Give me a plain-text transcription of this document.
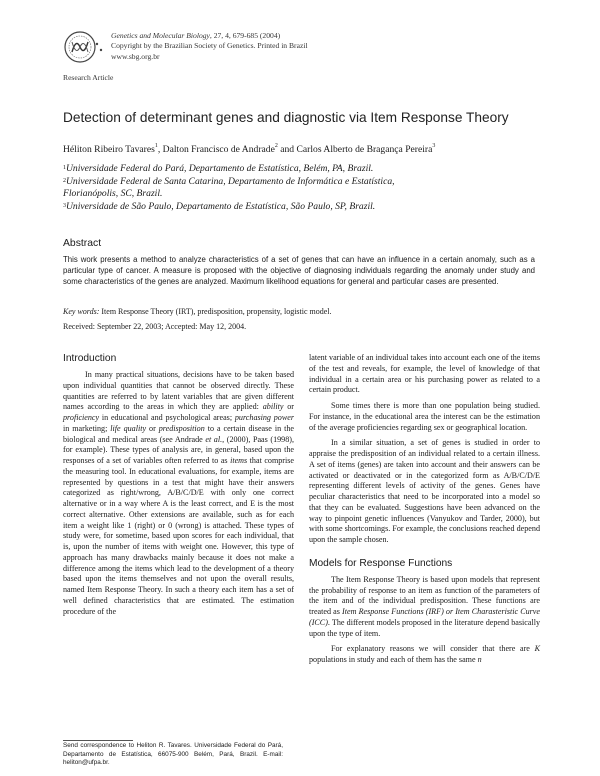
Genetics and Molecular Biology, 27, 4, 679-685 (2004)
Copyright by the Brazilian Society of Genetics. Printed in Brazil
www.sbg.org.br
Research Article
Detection of determinant genes and diagnostic via Item Response Theory
Héliton Ribeiro Tavares$^1$, Dalton Francisco de Andrade$^2$ and Carlos Alberto de Bragança Pereira$^3$
$^1$Universidade Federal do Pará, Departamento de Estatística, Belém, PA, Brazil.
$^2$Universidade Federal de Santa Catarina, Departamento de Informática e Estatística,
Florianópolis, SC, Brazil.
$^3$Universidade de São Paulo, Departamento de Estatística, São Paulo, SP, Brazil.
Abstract
This work presents a method to analyze characteristics of a set of genes that can have an influence in a certain anomaly, such as a particular type of cancer. A measure is proposed with the objective of diagnosing individuals regarding the anomaly under study and some characteristics of the genes are analyzed. Maximum likelihood equations for general and particular cases are presented.
Key words: Item Response Theory (IRT), predisposition, propensity, logistic model.
Received: September 22, 2003; Accepted: May 12, 2004.
Introduction

In many practical situations, decisions have to be taken based upon individual quantities that cannot be observed directly. These quantities are referred to by latent variables that are given different names according to the areas in which they are applied: ability or proficiency in educational and psychological areas; purchasing power in marketing; life quality or predisposition to a certain disease in the biological and medical areas (see Andrade et al., (2000), Paas (1998), for example). These types of analysis are, in general, based upon the responses of a set of variables often referred to as items that comprise the measuring tool. In educational evaluations, for example, items are represented by questions in a test that might have their answers categorized as right/wrong, A/B/C/D/E with only one correct alternative or in a way where A is the least correct, and E is the most correct alternative. Other extensions are available, such as for each item a weight like 1 (right) or 0 (wrong) is attached. These types of study were, for sometime, based upon scores for each individual, that is, upon the number of items with weight one. However, this type of approach has many drawbacks mainly because it does not make a difference among the items which lead to the development of a theory based upon the items themselves and not upon the overall results, named Item Response Theory. In such a theory each item has a set of well defined characteristics that are estimated. The estimation procedure of the

latent variable of an individual takes into account each one of the items of the test and reveals, for example, the level of knowledge of that individual in a certain area or his purchasing power as related to a certain product.

Some times there is more than one population being studied. For instance, in the educational area the interest can be the estimation of the average proficiencies regarding sex or geographical location.

In a similar situation, a set of genes is studied in order to appraise the predisposition of an individual related to a certain illness. A set of items (genes) are taken into account and their answers can be activated or deactivated or in the categorized form as A/B/C/D/E representing different levels of activity of the genes. Genes have peculiar characteristics that need to be incorporated into a model so that they can be evaluated. Suggestions have been advanced on the way to pinpoint genetic influences (Vanyukov and Tarder, 2000), but with some shortcomings. For example, the conclusions reached depend upon the sample chosen.

Models for Response Functions

The Item Response Theory is based upon models that represent the probability of response to an item as function of the parameters of the item and of the individual predisposition. These functions are treated as Item Response Functions (IRF) or Item Charasteristic Curve (ICC). The different models proposed in the literature depend basically upon the type of item.

For explanatory reasons we will consider that there are K populations in study and each of them has the same n

Send correspondence to Heliton R. Tavares. Universidade Federal do Pará, Departamento de Estatística, 66075-900 Belém, Pará, Brazil. E-mail: heliton@ufpa.br.
